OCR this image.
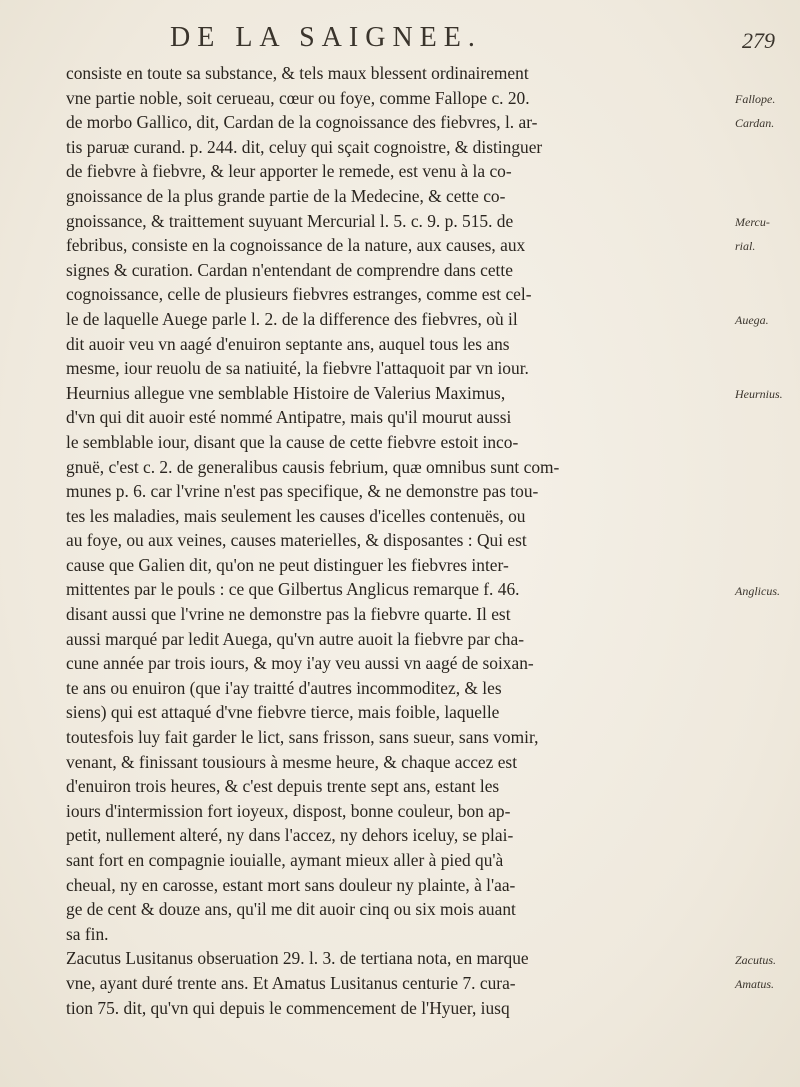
DE LA SAIGNEE.	279
consiste en toute sa substance, & tels maux blessent ordinairement
vne partie noble, soit cerueau, cœur ou foye, comme Fallope c. 20.
de morbo Gallico, dit, Cardan de la cognoissance des fiebvres, l. ar-
tis paruæ curand. p. 244. dit, celuy qui sçait cognoistre, & distinguer
de fiebvre à fiebvre, & leur apporter le remede, est venu à la co-
gnoissance de la plus grande partie de la Medecine, & cette co-
gnoissance, & traittement suyuant Mercurial l. 5. c. 9. p. 515. de
febribus, consiste en la cognoissance de la nature, aux causes, aux
signes & curation. Cardan n'entendant de comprendre dans cette
cognoissance, celle de plusieurs fiebvres estranges, comme est cel-
le de laquelle Auege parle l. 2. de la difference des fiebvres, où il
dit auoir veu vn aagé d'enuiron septante ans, auquel tous les ans
mesme, iour reuolu de sa natiuité, la fiebvre l'attaquoit par vn iour.
Heurnius allegue vne semblable Histoire de Valerius Maximus,
d'vn qui dit auoir esté nommé Antipatre, mais qu'il mourut aussi
le semblable iour, disant que la cause de cette fiebvre estoit inco-
gnuë, c'est c. 2. de generalibus causis febrium, quæ omnibus sunt com-
munes p. 6. car l'vrine n'est pas specifique, & ne demonstre pas tou-
tes les maladies, mais seulement les causes d'icelles contenuës, ou
au foye, ou aux veines, causes materielles, & disposantes : Qui est
cause que Galien dit, qu'on ne peut distinguer les fiebvres inter-
mittentes par le pouls : ce que Gilbertus Anglicus remarque f. 46.
disant aussi que l'vrine ne demonstre pas la fiebvre quarte. Il est
aussi marqué par ledit Auega, qu'vn autre auoit la fiebvre par cha-
cune année par trois iours, & moy i'ay veu aussi vn aagé de soixan-
te ans ou enuiron (que i'ay traitté d'autres incommoditez, & les
siens) qui est attaqué d'vne fiebvre tierce, mais foible, laquelle
toutesfois luy fait garder le lict, sans frisson, sans sueur, sans vomir,
venant, & finissant tousiours à mesme heure, & chaque accez est
d'enuiron trois heures, & c'est depuis trente sept ans, estant les
iours d'intermission fort ioyeux, dispost, bonne couleur, bon ap-
petit, nullement alteré, ny dans l'accez, ny dehors iceluy, se plai-
sant fort en compagnie iouialle, aymant mieux aller à pied qu'à
cheual, ny en carosse, estant mort sans douleur ny plainte, à l'aa-
ge de cent & douze ans, qu'il me dit auoir cinq ou six mois auant
sa fin.
Zacutus Lusitanus obseruation 29. l. 3. de tertiana nota, en marque
vne, ayant duré trente ans. Et Amatus Lusitanus centurie 7. cura-
tion 75. dit, qu'vn qui depuis le commencement de l'Hyuer, iusq
Fallope.
Cardan.
Mercu-
rial.
Auega.
Heurnius.
Anglicus.
Zacutus.
Amatus.
